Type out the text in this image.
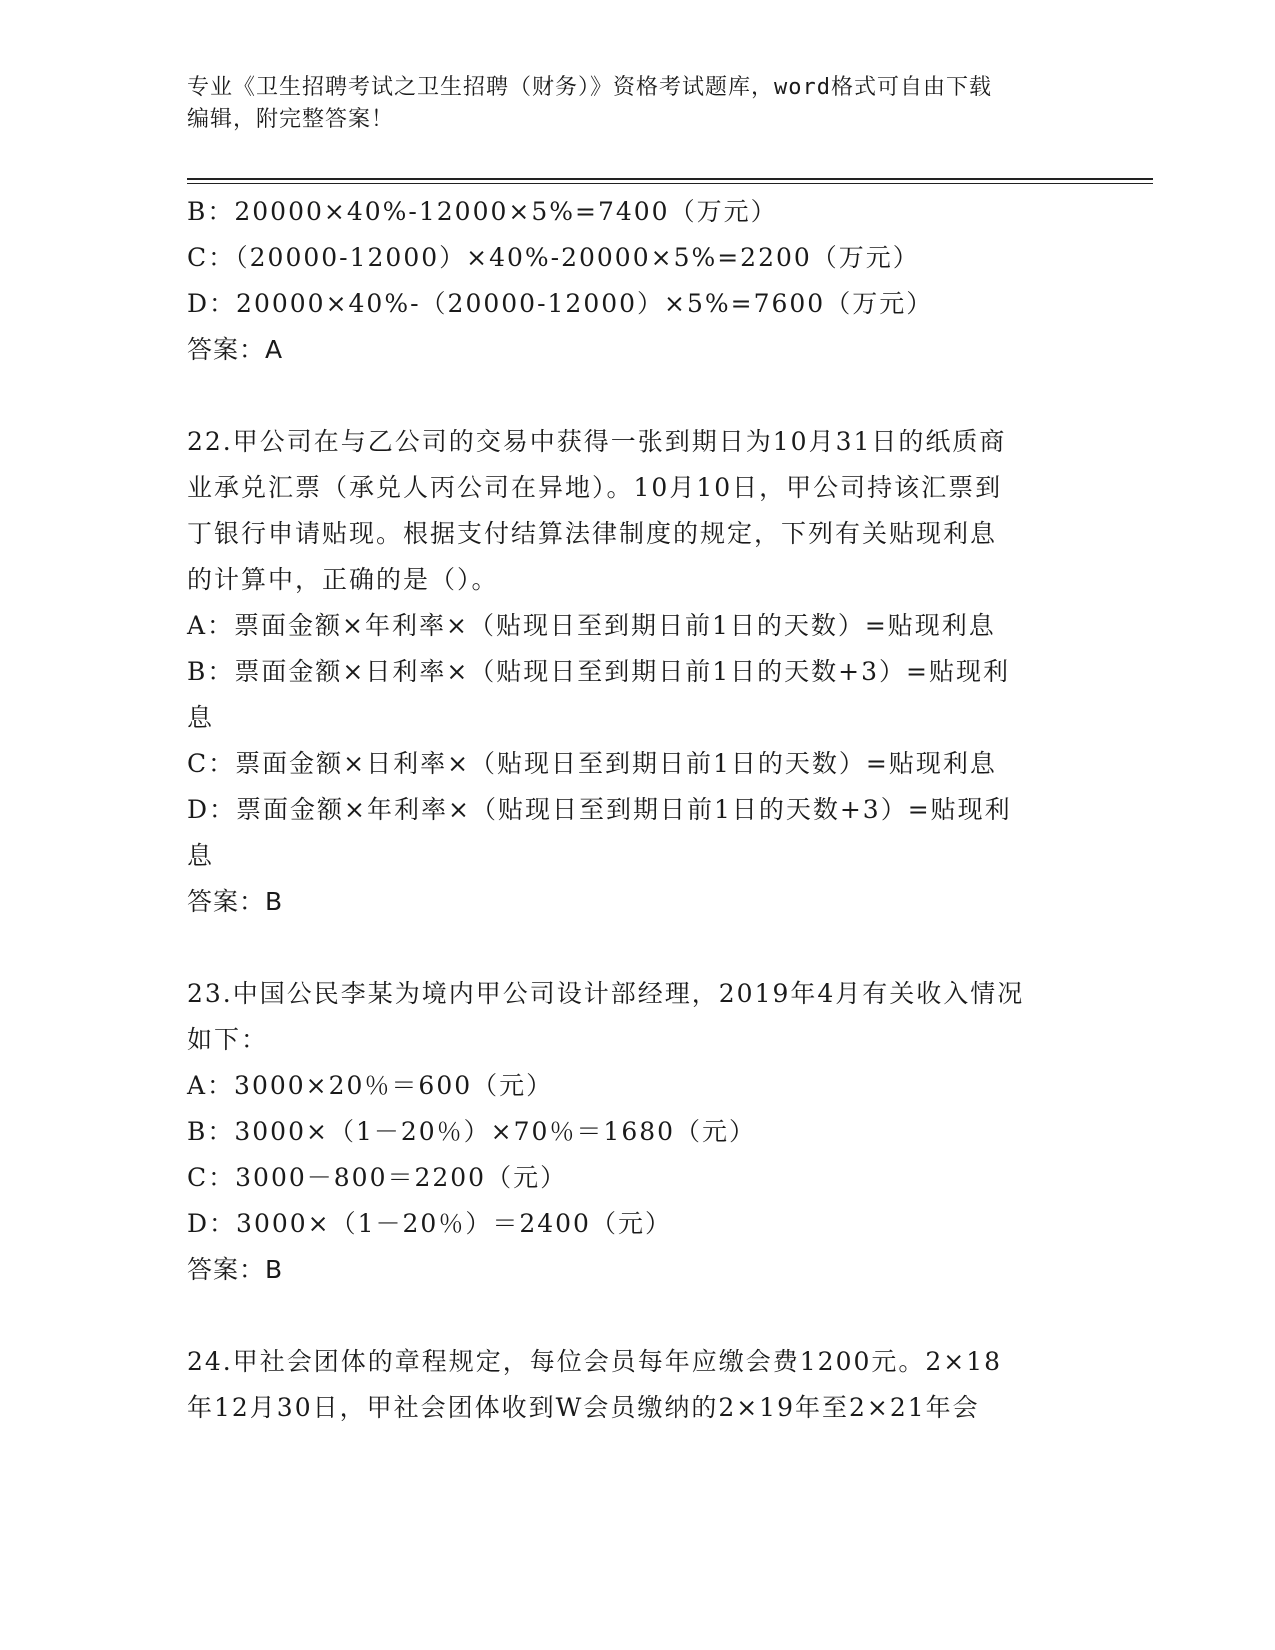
专业《卫生招聘考试之卫生招聘（财务）》资格考试题库，word格式可自由下载
编辑，附完整答案！
B：20000×40%-12000×5%=7400（万元）
C：（20000-12000）×40%-20000×5%=2200（万元）
D：20000×40%-（20000-12000）×5%=7600（万元）
答案：A
22.甲公司在与乙公司的交易中获得一张到期日为10月31日的纸质商
业承兑汇票（承兑人丙公司在异地）。10月10日，甲公司持该汇票到
丁银行申请贴现。根据支付结算法律制度的规定，下列有关贴现利息
的计算中，正确的是（）。
A：票面金额×年利率×（贴现日至到期日前1日的天数）=贴现利息
B：票面金额×日利率×（贴现日至到期日前1日的天数+3）=贴现利
息
C：票面金额×日利率×（贴现日至到期日前1日的天数）=贴现利息
D：票面金额×年利率×（贴现日至到期日前1日的天数+3）=贴现利
息
答案：B
23.中国公民李某为境内甲公司设计部经理，2019年4月有关收入情况
如下：
A：3000×20％＝600（元）
B：3000×（1－20％）×70％＝1680（元）
C：3000－800＝2200（元）
D：3000×（1－20％）＝2400（元）
答案：B
24.甲社会团体的章程规定，每位会员每年应缴会费1200元。2×18
年12月30日，甲社会团体收到W会员缴纳的2×19年至2×21年会
